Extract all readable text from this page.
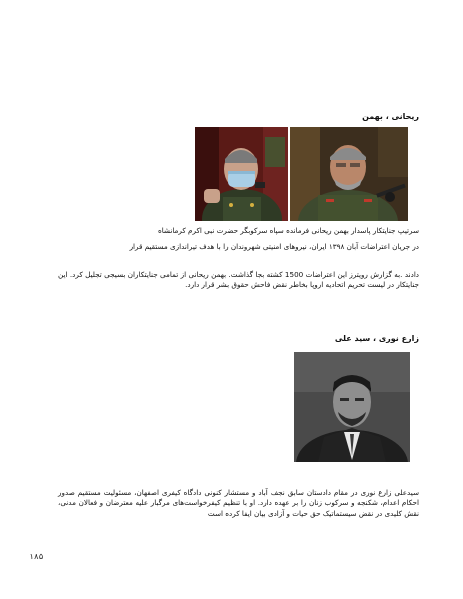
ریحانی ، بهمن
سرتیپ جنایتکار پاسدار بهمن ریحانی فرمانده سپاه سرکوبگر حضرت نبی اکرم کرمانشاه
در جریان اعتراضات آبان ۱۳۹۸ ایران، نیروهای امنیتی شهروندان را با هدف تیراندازی مستقیم قرار
دادند .به گزارش رویترز این اعتراضات 1500 کشته بجا گذاشت. بهمن ریحانی از تمامی جنایتکاران بسیجی تجلیل کرد. این جنایتکار در لیست تحریم اتحادیه اروپا بخاطر نقض فاحش حقوق بشر قرار دارد.
زارع نوری ، سید علی
سیدعلی زارع نوری در مقام دادستان سابق نجف آباد و مستشار کنونی دادگاه کیفری اصفهان، مسئولیت مستقیم صدور احکام اعدام، شکنجه و سرکوب زنان را بر عهده دارد. او با تنظیم کیفرخواست‌های مرگبار علیه معترضان و فعالان مدنی، نقش کلیدی در نقض سیستماتیک حق حیات و آزادی بیان ایفا کرده است
۱۸۵
